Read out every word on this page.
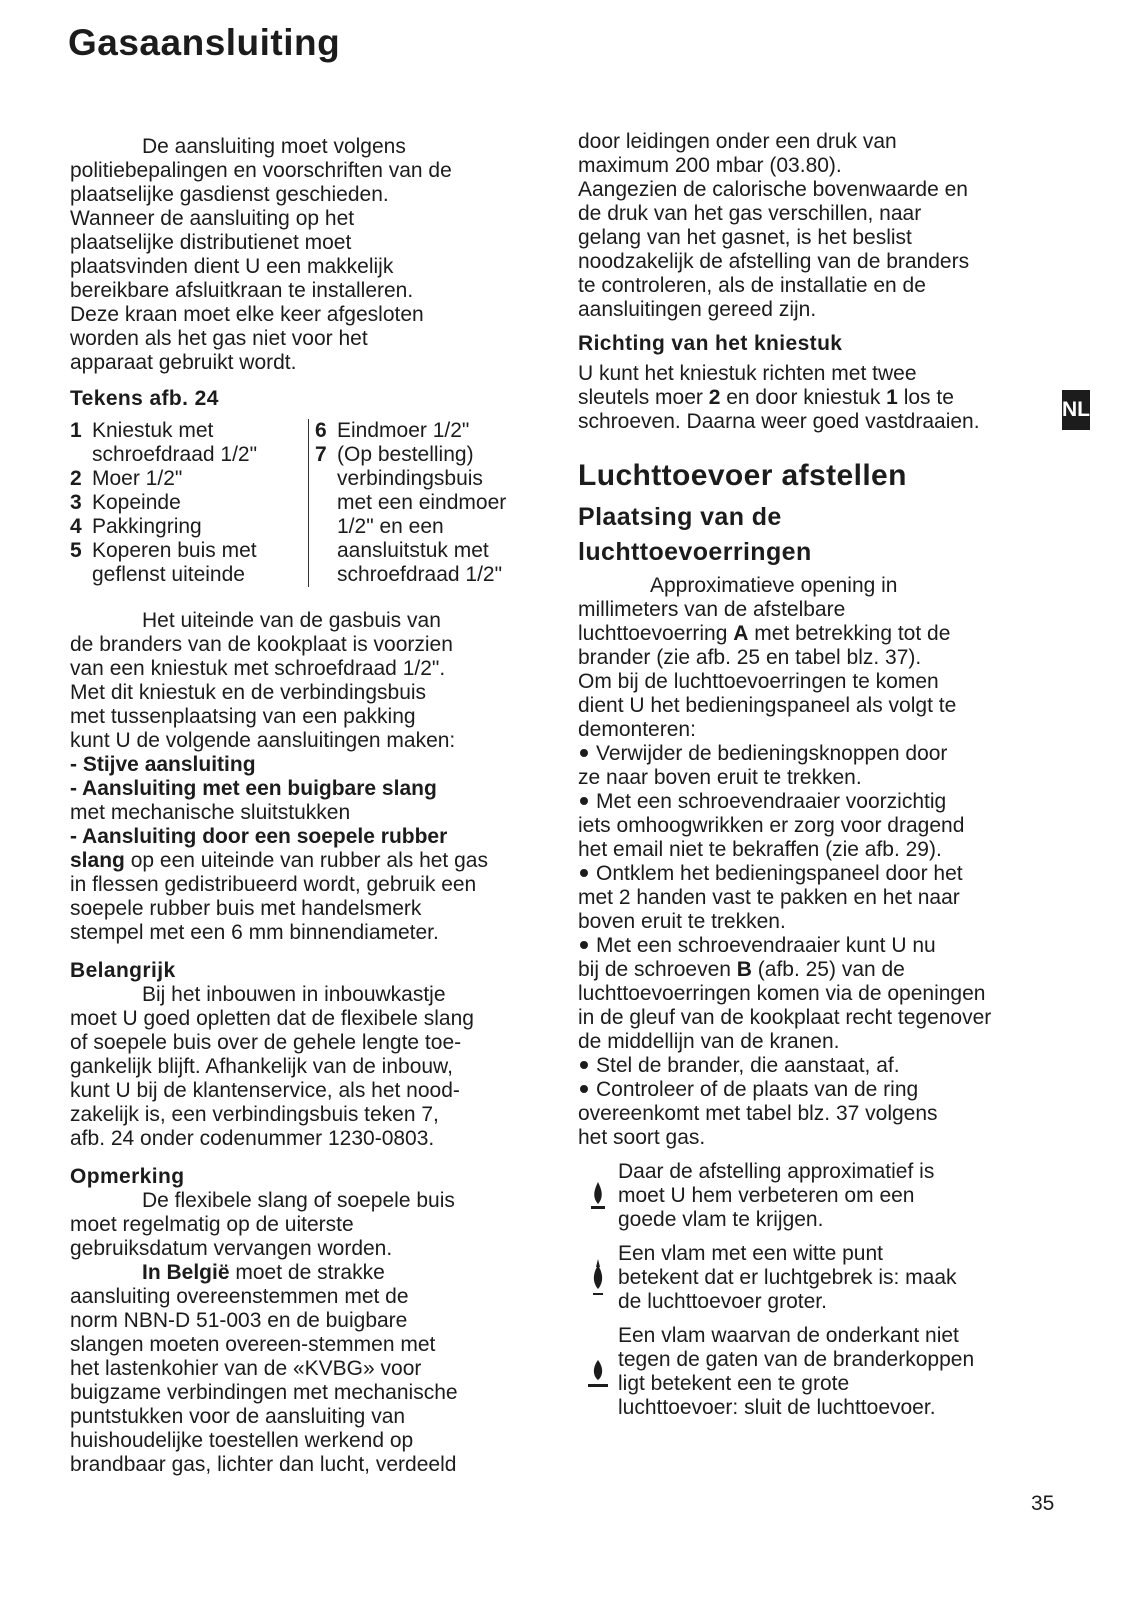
Gasaansluiting

De aansluiting moet volgens

politiebepalingen en voorschriften van de

plaatselijke gasdienst geschieden.

Wanneer de aansluiting op het

plaatselijke distributienet moet

plaatsvinden dient U een makkelijk

bereikbare afsluitkraan te installeren.

Deze kraan moet elke keer afgesloten

worden als het gas niet voor het

apparaat gebruikt wordt.

Tekens afb. 24
1 Kniestuk met

schroefdraad 1/2"

2 Moer 1/2"

3 Kopeinde

4 Pakkingring

5 Koperen buis met

geflenst uiteinde

6 Eindmoer 1/2"

7 (Op bestelling)

verbindingsbuis

met een eindmoer

1/2" en een

aansluitstuk met

schroefdraad 1/2"

Het uiteinde van de gasbuis van

de branders van de kookplaat is voorzien

van een kniestuk met schroefdraad 1/2".

Met dit kniestuk en de verbindingsbuis

met tussenplaatsing van een pakking

kunt U de volgende aansluitingen maken:

- Stijve aansluiting

- Aansluiting met een buigbare slang

met mechanische sluitstukken

- Aansluiting door een soepele rubber

slang op een uiteinde van rubber als het gas

in flessen gedistribueerd wordt, gebruik een

soepele rubber buis met handelsmerk

stempel met een 6 mm binnendiameter.

Belangrijk

Bij het inbouwen in inbouwkastje

moet U goed opletten dat de flexibele slang

of soepele buis over de gehele lengte toe-

gankelijk blijft. Afhankelijk van de inbouw,

kunt U bij de klantenservice, als het nood-

zakelijk is, een verbindingsbuis teken 7,

afb. 24 onder codenummer 1230-0803.

Opmerking

De flexibele slang of soepele buis

moet regelmatig op de uiterste

gebruiksdatum vervangen worden.

In België moet de strakke

aansluiting overeenstemmen met de

norm NBN-D 51-003 en de buigbare

slangen moeten overeen-stemmen met

het lastenkohier van de «KVBG» voor

buigzame verbindingen met mechanische

puntstukken voor de aansluiting van

huishoudelijke toestellen werkend op

brandbaar gas, lichter dan lucht, verdeeld

door leidingen onder een druk van

maximum 200 mbar (03.80).

Aangezien de calorische bovenwaarde en

de druk van het gas verschillen, naar

gelang van het gasnet, is het beslist

noodzakelijk de afstelling van de branders

te controleren, als de installatie en de

aansluitingen gereed zijn.

Richting van het kniestuk

U kunt het kniestuk richten met twee

sleutels moer 2 en door kniestuk 1 los te

schroeven. Daarna weer goed vastdraaien.

Luchttoevoer afstellen
Plaatsing van de
luchttoevoerringen

Approximatieve opening in

millimeters van de afstelbare

luchttoevoerring A met betrekking tot de

brander (zie afb. 25 en tabel blz. 37).

Om bij de luchttoevoerringen te komen

dient U het bedieningspaneel als volgt te

demonteren:

Verwijder de bedieningsknoppen door

ze naar boven eruit te trekken.

Met een schroevendraaier voorzichtig

iets omhoogwrikken er zorg voor dragend

het email niet te bekraffen (zie afb. 29).

Ontklem het bedieningspaneel door het

met 2 handen vast te pakken en het naar

boven eruit te trekken.

Met een schroevendraaier kunt U nu

bij de schroeven B (afb. 25) van de

luchttoevoerringen komen via de openingen

in de gleuf van de kookplaat recht tegenover

de middellijn van de kranen.

Stel de brander, die aanstaat, af.

Controleer of de plaats van de ring

overeenkomt met tabel blz. 37 volgens

het soort gas.

Daar de afstelling approximatief is

moet U hem verbeteren om een

goede vlam te krijgen.

Een vlam met een witte punt

betekent dat er luchtgebrek is: maak

de luchttoevoer groter.

Een vlam waarvan de onderkant niet

tegen de gaten van de branderkoppen

ligt betekent een te grote

luchttoevoer: sluit de luchttoevoer.

NL
35
